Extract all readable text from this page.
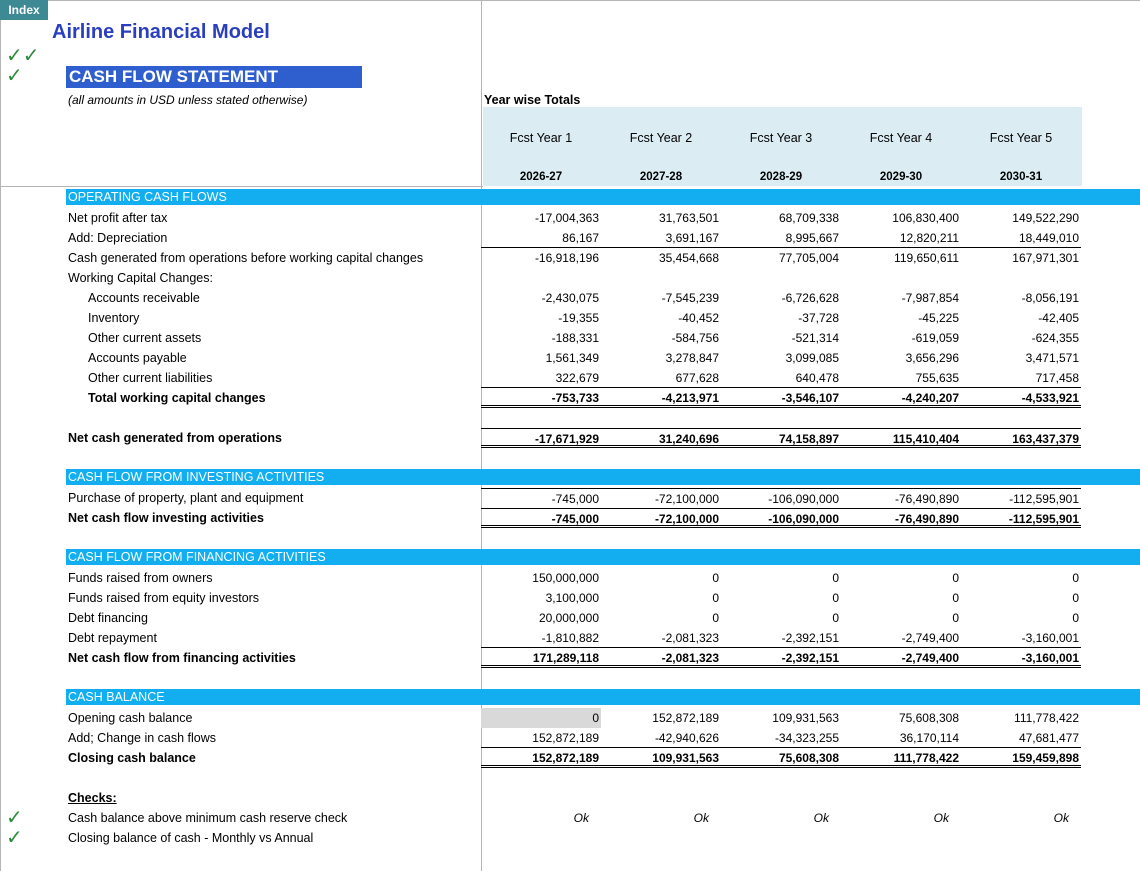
Index
Airline Financial Model
✓✓
✓	CASH FLOW STATEMENT
(all amounts in USD unless stated otherwise)	Year wise Totals
Fcst Year 1	Fcst Year 2	Fcst Year 3	Fcst Year 4	Fcst Year 5
2026-27	2027-28	2028-29	2029-30	2030-31
OPERATING CASH FLOWS
Net profit after tax	-17,004,363	31,763,501	68,709,338	106,830,400	149,522,290
Add: Depreciation	86,167	3,691,167	8,995,667	12,820,211	18,449,010
Cash generated from operations before working capital changes	-16,918,196	35,454,668	77,705,004	119,650,611	167,971,301
Working Capital Changes:
Accounts receivable	-2,430,075	-7,545,239	-6,726,628	-7,987,854	-8,056,191
Inventory	-19,355	-40,452	-37,728	-45,225	-42,405
Other current assets	-188,331	-584,756	-521,314	-619,059	-624,355
Accounts payable	1,561,349	3,278,847	3,099,085	3,656,296	3,471,571
Other current liabilities	322,679	677,628	640,478	755,635	717,458
Total working capital changes	-753,733	-4,213,971	-3,546,107	-4,240,207	-4,533,921
Net cash generated from operations	-17,671,929	31,240,696	74,158,897	115,410,404	163,437,379
CASH FLOW FROM INVESTING ACTIVITIES
Purchase of property, plant and equipment	-745,000	-72,100,000	-106,090,000	-76,490,890	-112,595,901
Net cash flow investing activities	-745,000	-72,100,000	-106,090,000	-76,490,890	-112,595,901
CASH FLOW FROM FINANCING ACTIVITIES
Funds raised from owners	150,000,000	0	0	0	0
Funds raised from equity investors	3,100,000	0	0	0	0
Debt financing	20,000,000	0	0	0	0
Debt repayment	-1,810,882	-2,081,323	-2,392,151	-2,749,400	-3,160,001
Net cash flow from financing activities	171,289,118	-2,081,323	-2,392,151	-2,749,400	-3,160,001
CASH BALANCE
Opening cash balance	0	152,872,189	109,931,563	75,608,308	111,778,422
Add; Change in cash flows	152,872,189	-42,940,626	-34,323,255	36,170,114	47,681,477
Closing cash balance	152,872,189	109,931,563	75,608,308	111,778,422	159,459,898
Checks:
✓	Cash balance above minimum cash reserve check	Ok	Ok	Ok	Ok	Ok
✓	Closing balance of cash - Monthly vs Annual
